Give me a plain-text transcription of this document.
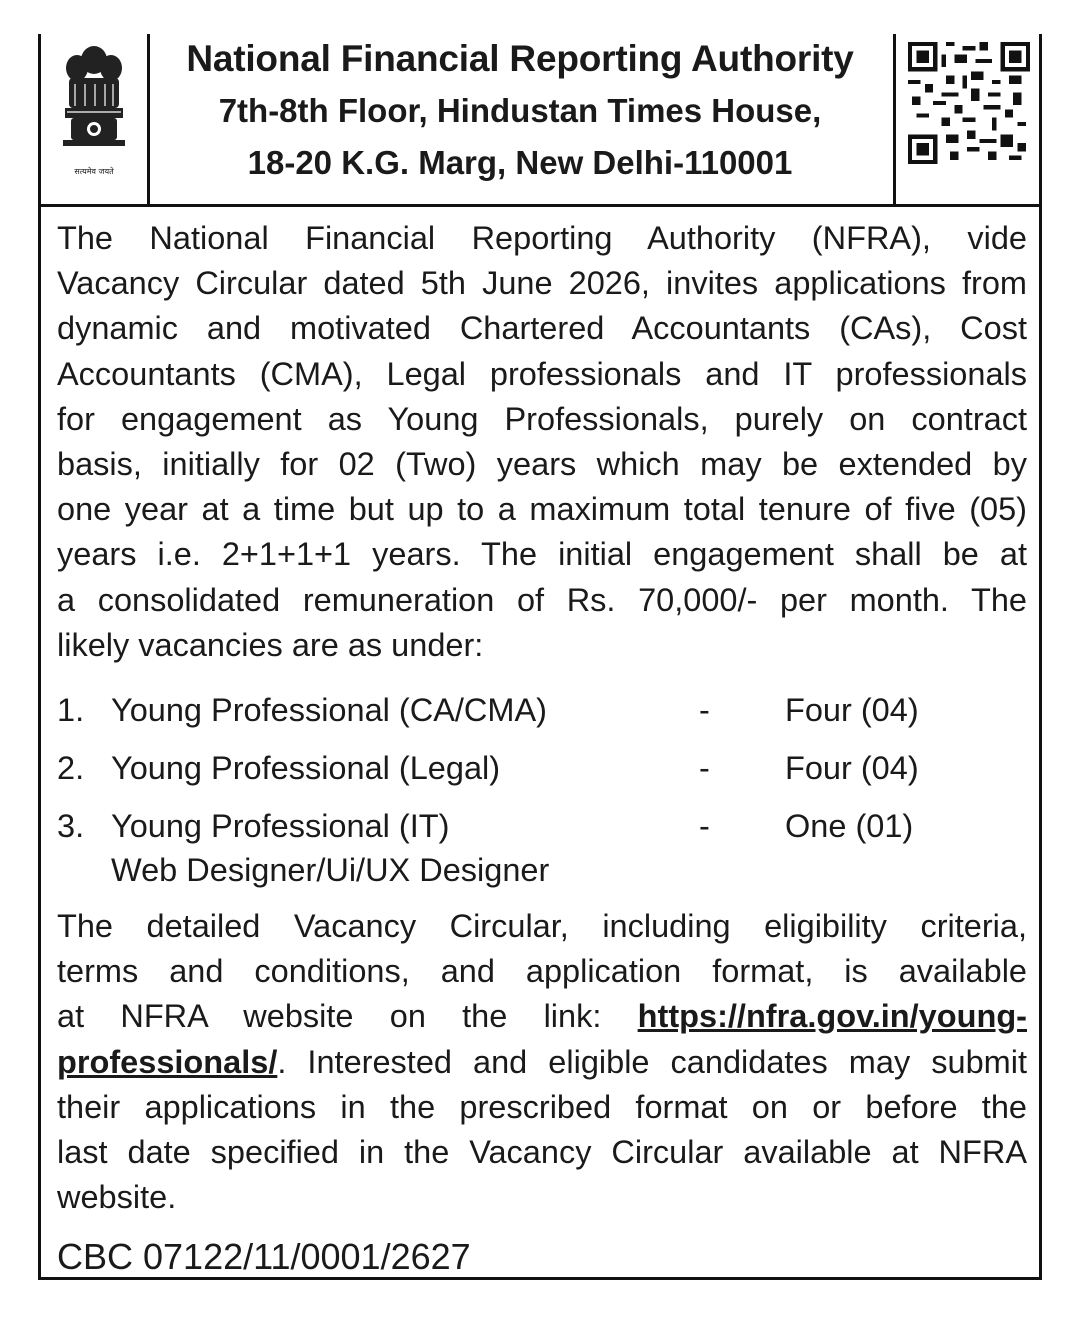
सत्यमेव जयते
National Financial Reporting Authority
7th-8th Floor, Hindustan Times House,
18-20 K.G. Marg, New Delhi-110001

The National Financial Reporting Authority (NFRA), vide
Vacancy Circular dated 5th June 2026, invites applications from
dynamic and motivated Chartered Accountants (CAs), Cost
Accountants (CMA), Legal professionals and IT professionals
for engagement as Young Professionals, purely on contract
basis, initially for 02 (Two) years which may be extended by
one year at a time but up to a maximum total tenure of five (05)
years i.e. 2+1+1+1 years. The initial engagement shall be at
a consolidated remuneration of Rs. 70,000/- per month. The
likely vacancies are as under:

1. Young Professional (CA/CMA)	- Four (04)
2. Young Professional (Legal)	- Four (04)
3. Young Professional (IT)
Web Designer/Ui/UX Designer
- One (01)

The detailed Vacancy Circular, including eligibility criteria,
terms and conditions, and application format, is available
at NFRA website on the link: https://nfra.gov.in/young-
professionals/. Interested and eligible candidates may submit
their applications in the prescribed format on or before the
last date specified in the Vacancy Circular available at NFRA
website.

CBC 07122/11/0001/2627
